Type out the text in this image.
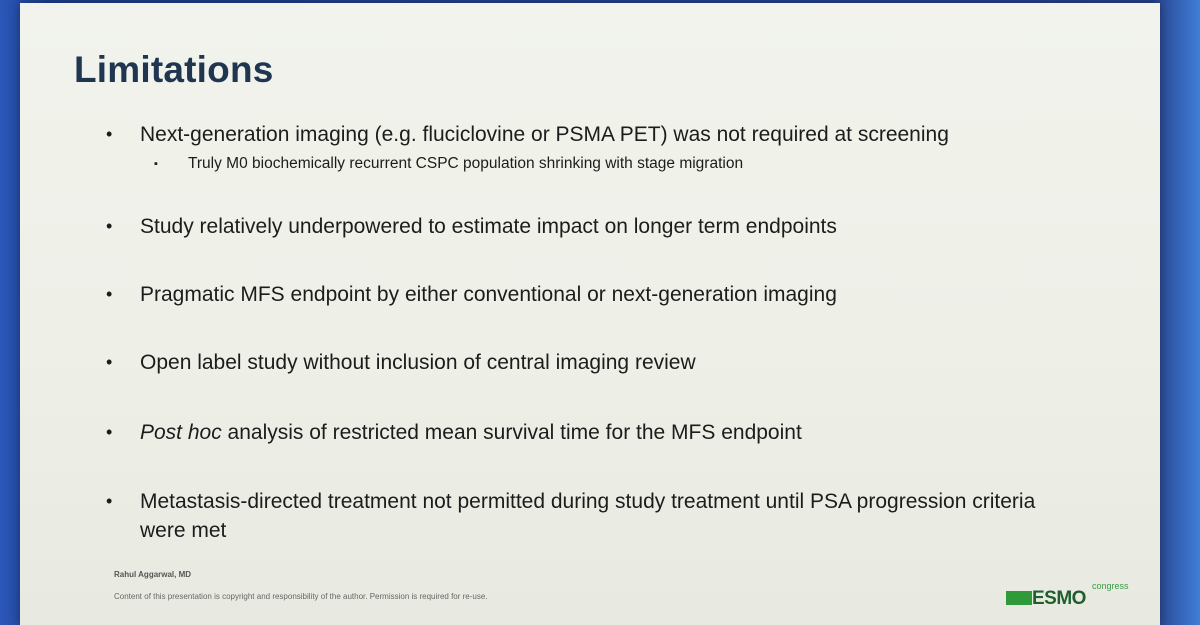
Limitations
• Next-generation imaging (e.g. fluciclovine or PSMA PET) was not required at screening
▪ Truly M0 biochemically recurrent CSPC population shrinking with stage migration
• Study relatively underpowered to estimate impact on longer term endpoints
• Pragmatic MFS endpoint by either conventional or next-generation imaging
• Open label study without inclusion of central imaging review
• Post hoc analysis of restricted mean survival time for the MFS endpoint
• Metastasis-directed treatment not permitted during study treatment until PSA progression criteria were met
Rahul Aggarwal, MD
Content of this presentation is copyright and responsibility of the author. Permission is required for re-use.	ESMO
congress
